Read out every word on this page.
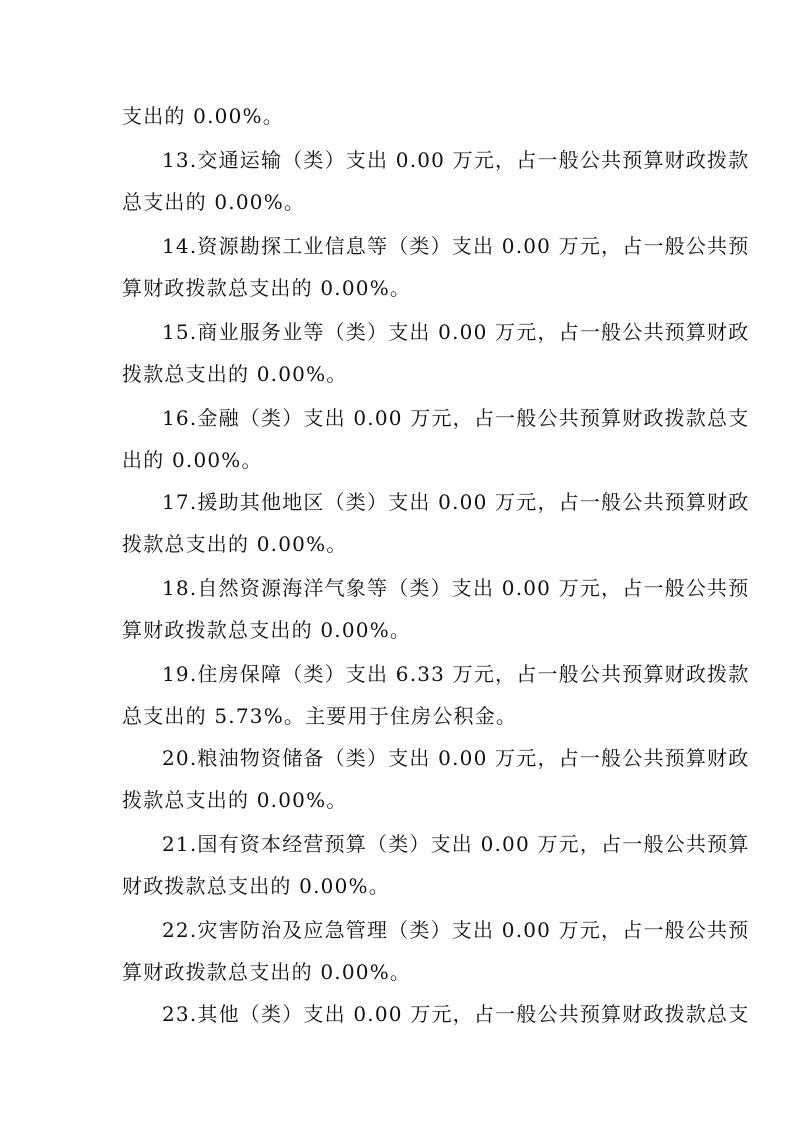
支出的 0.00%。
13.交通运输（类）支出 0.00 万元，占一般公共预算财政拨款
总支出的 0.00%。
14.资源勘探工业信息等（类）支出 0.00 万元，占一般公共预
算财政拨款总支出的 0.00%。
15.商业服务业等（类）支出 0.00 万元，占一般公共预算财政
拨款总支出的 0.00%。
16.金融（类）支出 0.00 万元，占一般公共预算财政拨款总支
出的 0.00%。
17.援助其他地区（类）支出 0.00 万元，占一般公共预算财政
拨款总支出的 0.00%。
18.自然资源海洋气象等（类）支出 0.00 万元，占一般公共预
算财政拨款总支出的 0.00%。
19.住房保障（类）支出 6.33 万元，占一般公共预算财政拨款
总支出的 5.73%。主要用于住房公积金。
20.粮油物资储备（类）支出 0.00 万元，占一般公共预算财政
拨款总支出的 0.00%。
21.国有资本经营预算（类）支出 0.00 万元，占一般公共预算
财政拨款总支出的 0.00%。
22.灾害防治及应急管理（类）支出 0.00 万元，占一般公共预
算财政拨款总支出的 0.00%。
23.其他（类）支出 0.00 万元，占一般公共预算财政拨款总支
